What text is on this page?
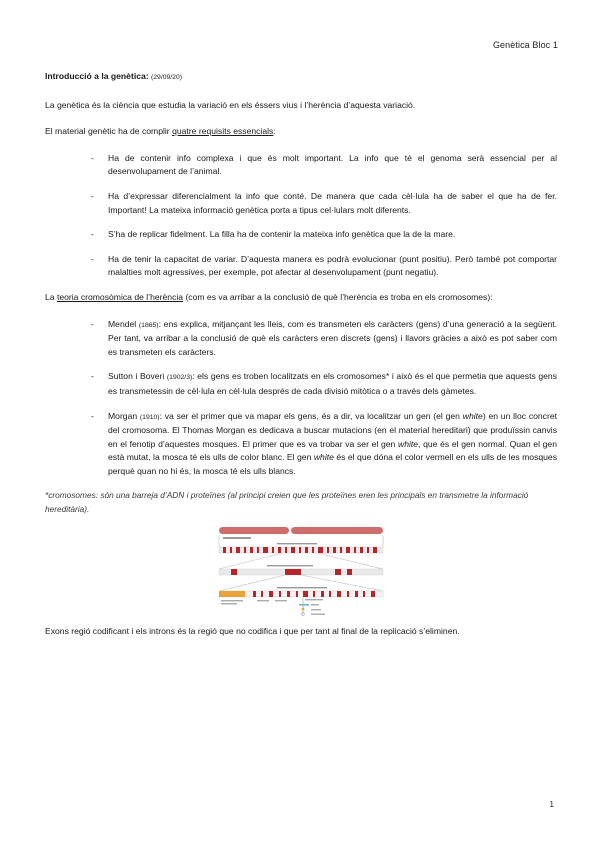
Genètica Bloc 1

Introducció a la genètica: (29/09/20)

La genètica és la ciència que estudia la variació en els éssers vius i l’herència d’aquesta variació.

El material genètic ha de complir quatre requisits essencials:

- Ha de contenir info complexa i que és molt important. La info que té el genoma serà essencial per al desenvolupament de l’animal.
- Ha d’expressar diferencialment la info que conté. De manera que cada cèl·lula ha de saber el que ha de fer. Important! La mateixa informació genètica porta a tipus cel·lulars molt diferents.
- S’ha de replicar fidelment. La filla ha de contenir la mateixa info genètica que la de la mare.
- Ha de tenir la capacitat de variar. D’aquesta manera es podrà evolucionar (punt positiu). Però també pot comportar malalties molt agressives, per exemple, pot afectar al desenvolupament (punt negatiu).

La teoria cromosòmica de l’herència (com es va arribar a la conclusió de què l’herència es troba en els cromosomes):

- Mendel (1865): ens explica, mitjançant les lleis, com es transmeten els caràcters (gens) d’una generació a la següent. Per tant, va arribar a la conclusió de què els caràcters eren discrets (gens) i llavors gràcies a això es pot saber com es transmeten els caràcters.
- Sutton i Boveri (1902/3): els gens es troben localitzats en els cromosomes* i això és el que permetia que aquests gens es transmetessin de cèl·lula en cèl·lula després de cada divisió mitòtica o a través dels gàmetes.
- Morgan (1910): va ser el primer que va mapar els gens, és a dir, va localitzar un gen (el gen white) en un lloc concret del cromosoma. El Thomas Morgan es dedicava a buscar mutacions (en el material hereditari) que produïssin canvis en el fenotip d’aquestes mosques. El primer que es va trobar va ser el gen white, que és el gen normal. Quan el gen està mutat, la mosca té els ulls de color blanc. El gen white és el que dóna el color vermell en els ulls de les mosques perquè quan no hi és, la mosca té els ulls blancs.

*cromosomes: són una barreja d’ADN i proteïnes (al principi creien que les proteïnes eren les principals en transmetre la informació hereditària).

Exons regió codificant i els introns és la regió que no codifica i que per tant al final de la replicació s’eliminen.

1
